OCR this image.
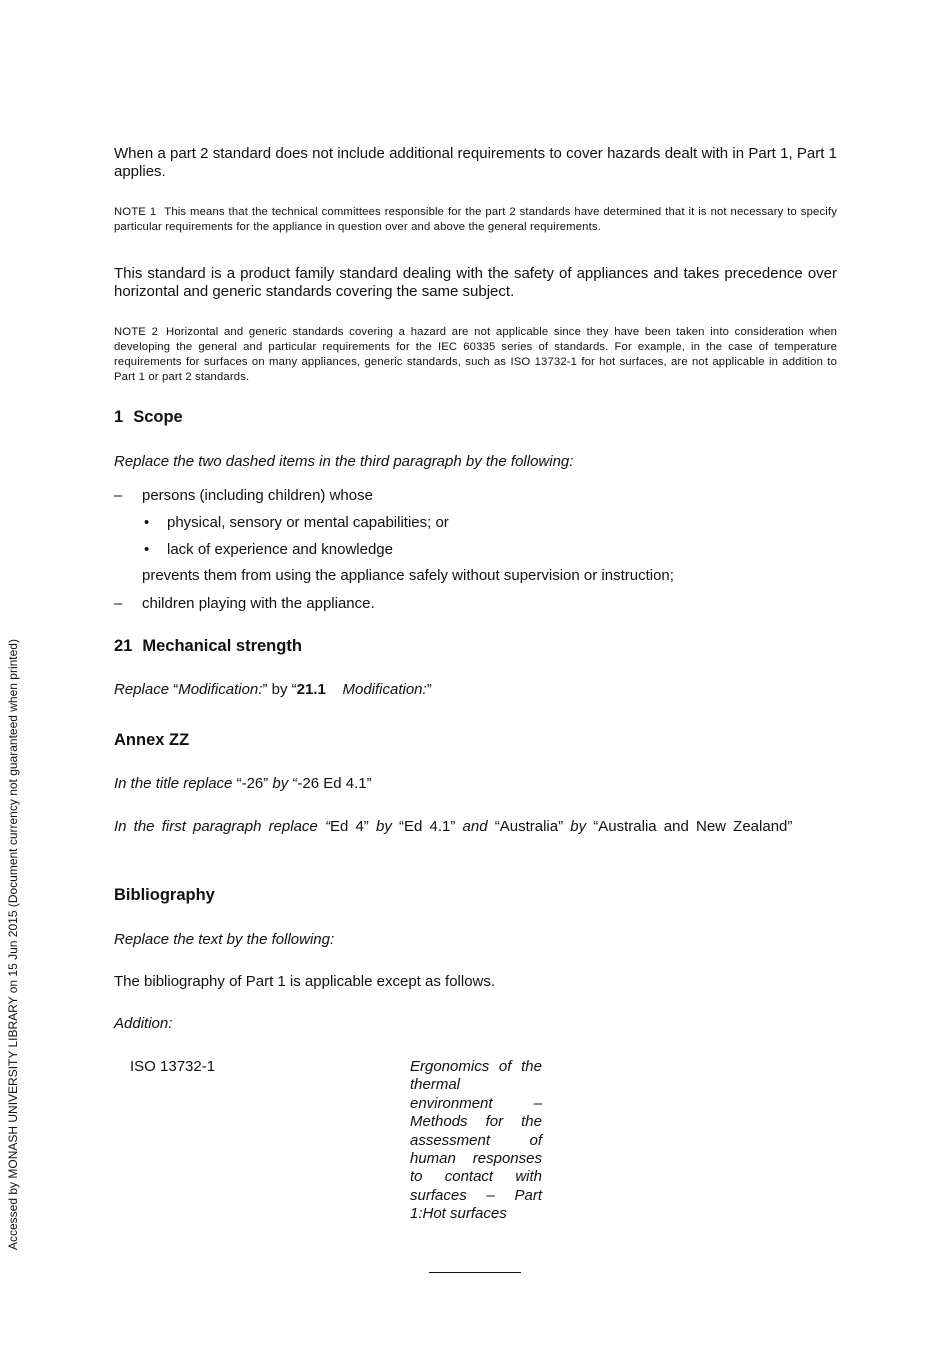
Accessed by MONASH UNIVERSITY LIBRARY on 15 Jun 2015 (Document currency not guaranteed when printed)

When a part 2 standard does not include additional requirements to cover hazards dealt with in Part 1, Part 1 applies.

NOTE 1 This means that the technical committees responsible for the part 2 standards have determined that it is not necessary to specify particular requirements for the appliance in question over and above the general requirements.

This standard is a product family standard dealing with the safety of appliances and takes precedence over horizontal and generic standards covering the same subject.

NOTE 2 Horizontal and generic standards covering a hazard are not applicable since they have been taken into consideration when developing the general and particular requirements for the IEC 60335 series of standards. For example, in the case of temperature requirements for surfaces on many appliances, generic standards, such as ISO 13732-1 for hot surfaces, are not applicable in addition to Part 1 or part 2 standards.

1 Scope
Replace the two dashed items in the third paragraph by the following:
– persons (including children) whose
• physical, sensory or mental capabilities; or
• lack of experience and knowledge
prevents them from using the appliance safely without supervision or instruction;
– children playing with the appliance.
21 Mechanical strength
Replace “Modification:” by “21.1 Modification:”
Annex ZZ
In the title replace “-26” by “-26 Ed 4.1”
In the first paragraph replace “Ed 4” by “Ed 4.1” and “Australia” by “Australia and New Zealand”
Bibliography
Replace the text by the following:
The bibliography of Part 1 is applicable except as follows.
Addition:
ISO 13732-1	Ergonomics of the thermal environment – Methods for the assessment of human responses to contact with surfaces – Part 1:Hot surfaces
